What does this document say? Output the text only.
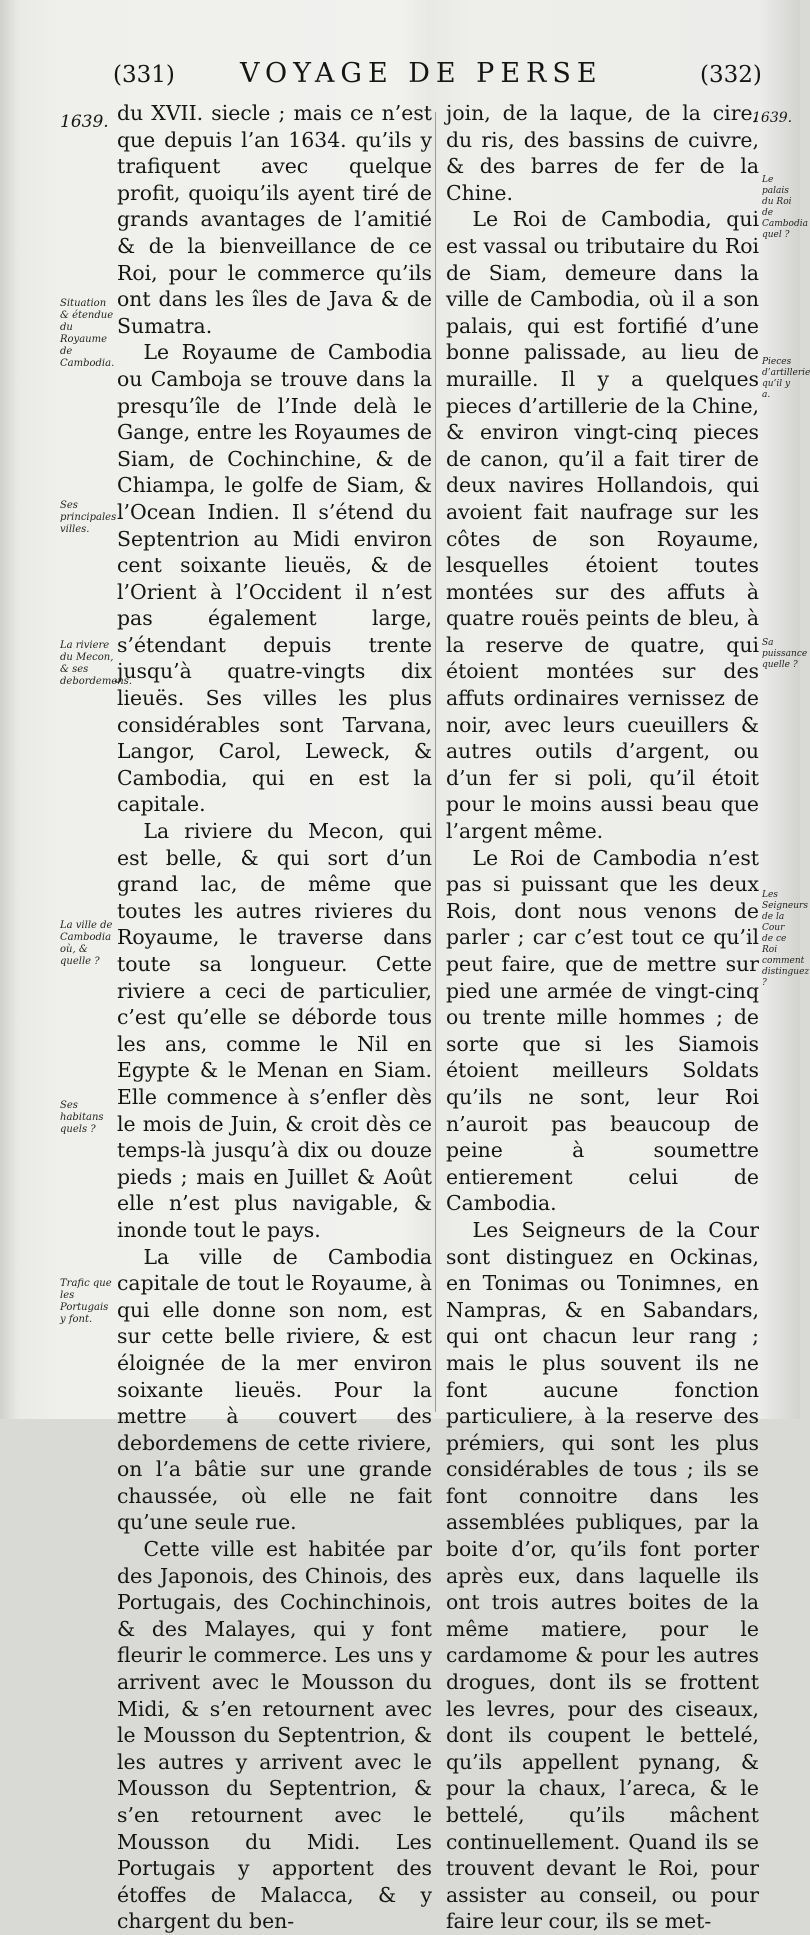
(331) VOYAGE DE PERSE	(332)
1639.	1639.

du XVII. siecle ; mais ce n’est que depuis l’an 1634. qu’ils y trafiquent avec quelque profit, quoiqu’ils ayent tiré de grands avantages de l’amitié & de la bienveillance de ce Roi, pour le commerce qu’ils ont dans les îles de Java & de Sumatra.

Le Royaume de Cambodia ou Camboja se trouve dans la presqu’île de l’Inde delà le Gange, entre les Royaumes de Siam, de Cochinchine, & de Chiampa, le golfe de Siam, & l’Ocean Indien. Il s’étend du Septentrion au Midi environ cent soixante lieuës, & de l’Orient à l’Occident il n’est pas également large, s’étendant depuis trente jusqu’à quatre-vingts dix lieuës. Ses villes les plus considérables sont Tarvana, Langor, Carol, Leweck, & Cambodia, qui en est la capitale.

La riviere du Mecon, qui est belle, & qui sort d’un grand lac, de même que toutes les autres rivieres du Royaume, le traverse dans toute sa longueur. Cette riviere a ceci de particulier, c’est qu’elle se déborde tous les ans, comme le Nil en Egypte & le Menan en Siam. Elle commence à s’enfler dès le mois de Juin, & croit dès ce temps-là jusqu’à dix ou douze pieds ; mais en Juillet & Août elle n’est plus navigable, & inonde tout le pays.

La ville de Cambodia capitale de tout le Royaume, à qui elle donne son nom, est sur cette belle riviere, & est éloignée de la mer environ soixante lieuës. Pour la mettre à couvert des debordemens de cette riviere, on l’a bâtie sur une grande chaussée, où elle ne fait qu’une seule rue.

Cette ville est habitée par des Japonois, des Chinois, des Portugais, des Cochinchinois, & des Malayes, qui y font fleurir le commerce. Les uns y arrivent avec le Mousson du Midi, & s’en retournent avec le Mousson du Septentrion, & les autres y arrivent avec le Mousson du Septentrion, & s’en retournent avec le Mousson du Midi. Les Portugais y apportent des étoffes de Malacca, & y chargent du ben-

join, de la laque, de la cire, du ris, des bassins de cuivre, & des barres de fer de la Chine.

Le Roi de Cambodia, qui est vassal ou tributaire du Roi de Siam, demeure dans la ville de Cambodia, où il a son palais, qui est fortifié d’une bonne palissade, au lieu de muraille. Il y a quelques pieces d’artillerie de la Chine, & environ vingt-cinq pieces de canon, qu’il a fait tirer de deux navires Hollandois, qui avoient fait naufrage sur les côtes de son Royaume, lesquelles étoient toutes montées sur des affuts à quatre rouës peints de bleu, à la reserve de quatre, qui étoient montées sur des affuts ordinaires vernissez de noir, avec leurs cueuillers & autres outils d’argent, ou d’un fer si poli, qu’il étoit pour le moins aussi beau que l’argent même.

Le Roi de Cambodia n’est pas si puissant que les deux Rois, dont nous venons de parler ; car c’est tout ce qu’il peut faire, que de mettre sur pied une armée de vingt-cinq ou trente mille hommes ; de sorte que si les Siamois étoient meilleurs Soldats qu’ils ne sont, leur Roi n’auroit pas beaucoup de peine à soumettre entierement celui de Cambodia.

Les Seigneurs de la Cour sont distinguez en Ockinas, en Tonimas ou Tonimnes, en Nampras, & en Sabandars, qui ont chacun leur rang ; mais le plus souvent ils ne font aucune fonction particuliere, à la reserve des prémiers, qui sont les plus considérables de tous ; ils se font connoitre dans les assemblées publiques, par la boite d’or, qu’ils font porter après eux, dans laquelle ils ont trois autres boites de la même matiere, pour le cardamome & pour les autres drogues, dont ils se frottent les levres, pour des ciseaux, dont ils coupent le bettelé, qu’ils appellent pynang, & pour la chaux, l’areca, & le bettelé, qu’ils mâchent continuellement. Quand ils se trouvent devant le Roi, pour assister au conseil, ou pour faire leur cour, ils se met-

Situation & étendue du Royaume de Cambodia.
Ses principales villes.
La riviere du Mecon, & ses debordemens.
La ville de Cambodia où, & quelle ?
Ses habitans quels ?
Trafic que les Portugais y font.
Le palais du Roi de Cambodia quel ?
Pieces d’artillerie qu’il y a.
Sa puissance quelle ?
Les Seigneurs de la Cour de ce Roi comment distinguez ?
